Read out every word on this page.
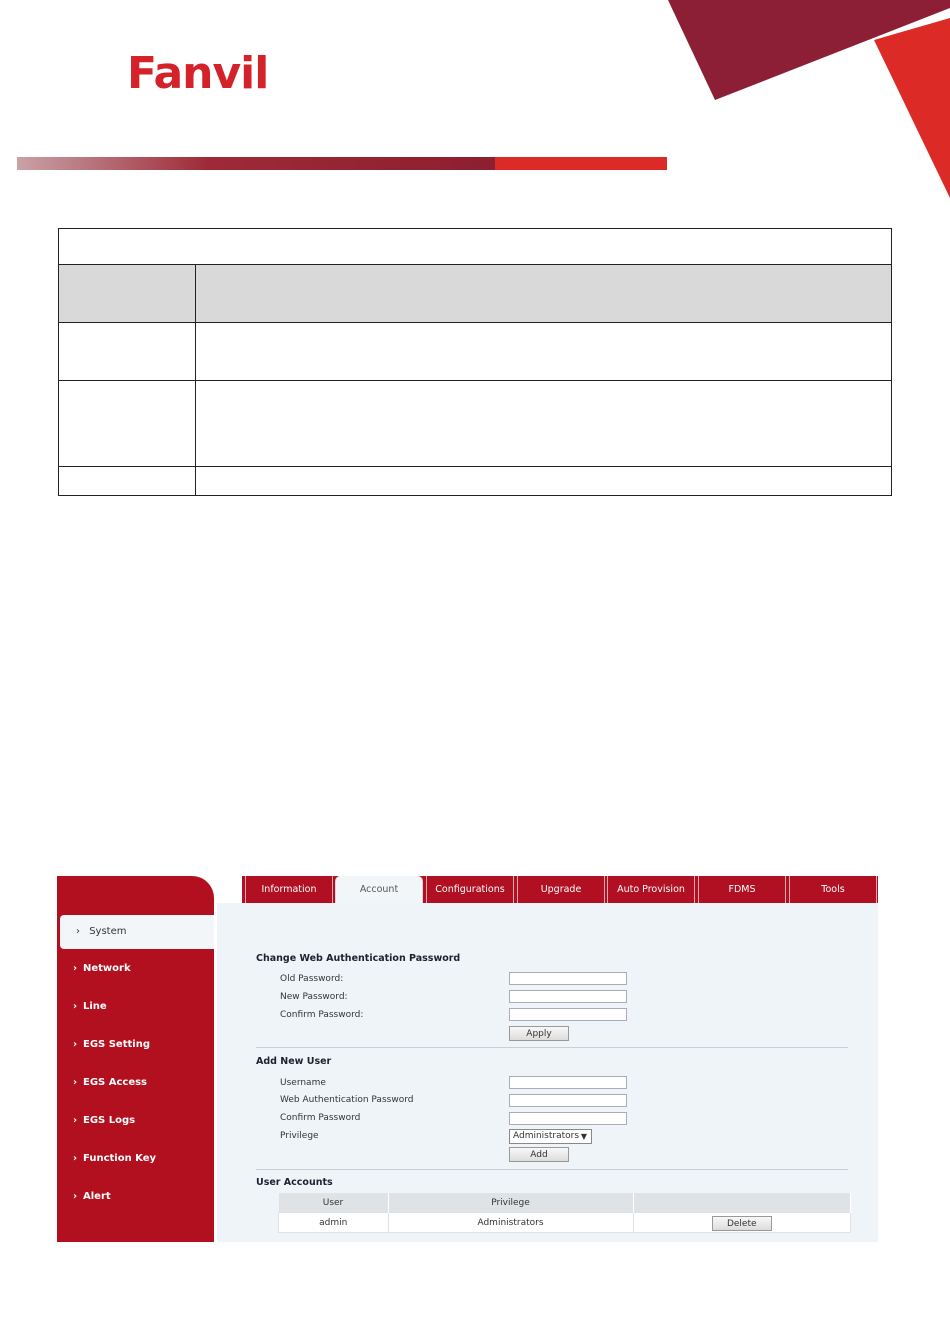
Fanvil

Information	Account	Configurations	Upgrade	Auto Provision	FDMS	Tools
› System
› Network
› Line
› EGS Setting
› EGS Access
› EGS Logs
› Function Key
› Alert
Change Web Authentication Password
Old Password:
New Password:
Confirm Password:
Apply
Add New User
Username
Web Authentication Password
Confirm Password
Privilege	Administrators ▼
Add
User Accounts
User	Privilege	
admin	Administrators	Delete
